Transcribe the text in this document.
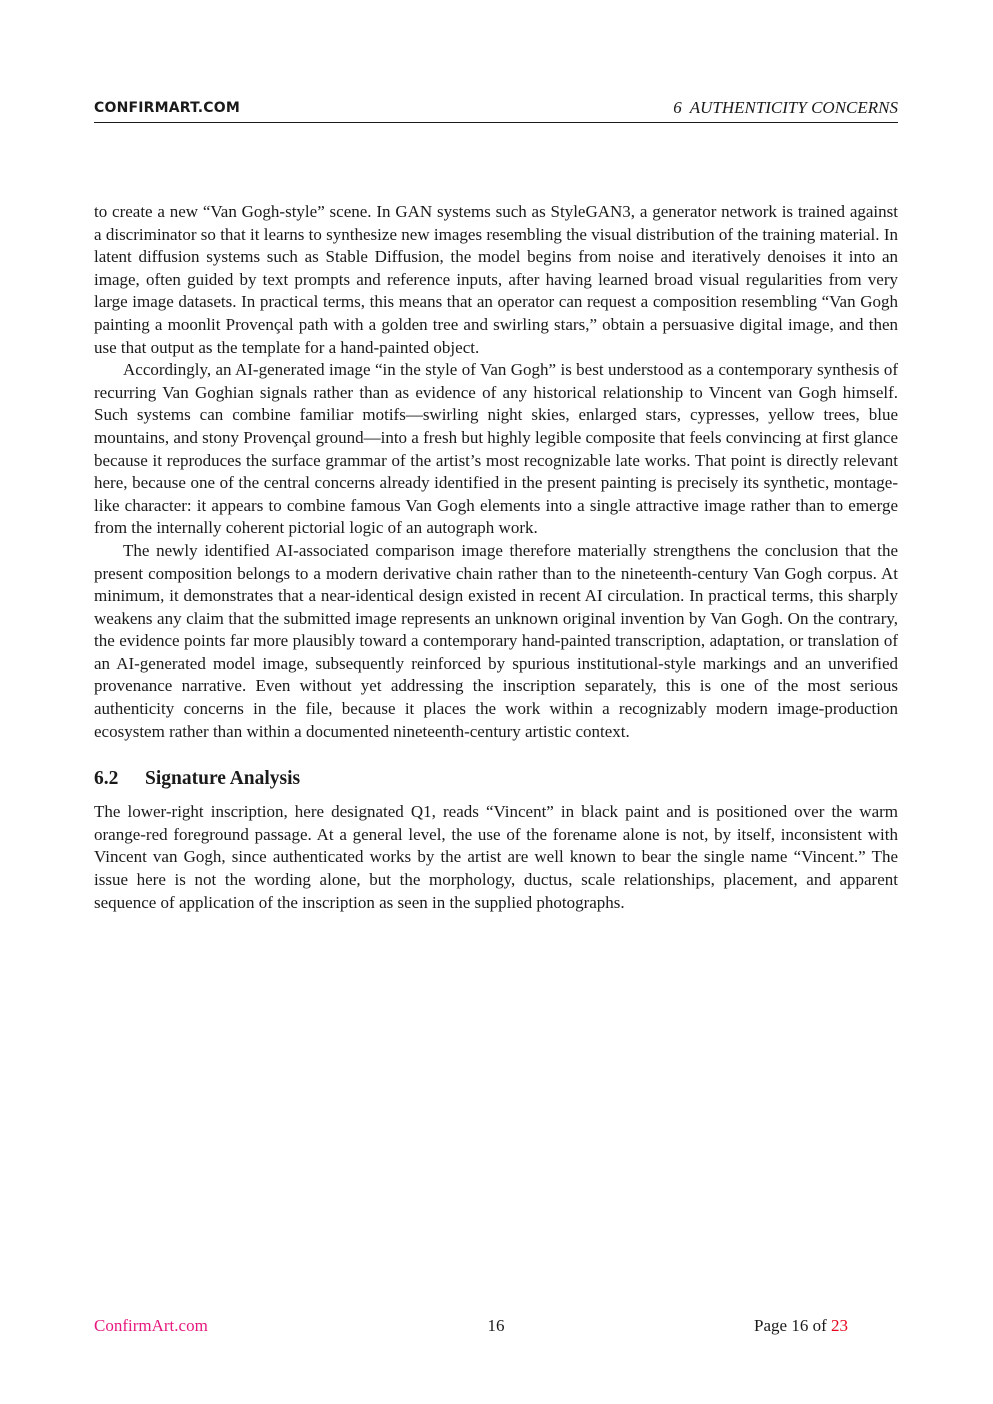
CONFIRMART.COM	6 AUTHENTICITY CONCERNS

to create a new “Van Gogh-style” scene. In GAN systems such as StyleGAN3, a generator network is trained against a discriminator so that it learns to synthesize new images resembling the visual distribution of the training material. In latent diffusion systems such as Stable Diffusion, the model begins from noise and iteratively denoises it into an image, often guided by text prompts and reference inputs, after having learned broad visual regularities from very large image datasets. In practical terms, this means that an operator can request a composition resembling “Van Gogh painting a moonlit Provençal path with a golden tree and swirling stars,” obtain a persuasive digital image, and then use that output as the template for a hand-painted object.

Accordingly, an AI-generated image “in the style of Van Gogh” is best understood as a contemporary synthesis of recurring Van Goghian signals rather than as evidence of any historical relationship to Vincent van Gogh himself. Such systems can combine familiar motifs—swirling night skies, enlarged stars, cypresses, yellow trees, blue mountains, and stony Provençal ground—into a fresh but highly legible composite that feels convincing at first glance because it reproduces the surface grammar of the artist’s most recognizable late works. That point is directly relevant here, because one of the central concerns already identified in the present painting is precisely its synthetic, montage-like character: it appears to combine famous Van Gogh elements into a single attractive image rather than to emerge from the internally coherent pictorial logic of an autograph work.

The newly identified AI-associated comparison image therefore materially strengthens the conclusion that the present composition belongs to a modern derivative chain rather than to the nineteenth-century Van Gogh corpus. At minimum, it demonstrates that a near-identical design existed in recent AI circulation. In practical terms, this sharply weakens any claim that the submitted image represents an unknown original invention by Van Gogh. On the contrary, the evidence points far more plausibly toward a contemporary hand-painted transcription, adaptation, or translation of an AI-generated model image, subsequently reinforced by spurious institutional-style markings and an unverified provenance narrative. Even without yet addressing the inscription separately, this is one of the most serious authenticity concerns in the file, because it places the work within a recognizably modern image-production ecosystem rather than within a documented nineteenth-century artistic context.

6.2 Signature Analysis

The lower-right inscription, here designated Q1, reads “Vincent” in black paint and is positioned over the warm orange-red foreground passage. At a general level, the use of the forename alone is not, by itself, inconsistent with Vincent van Gogh, since authenticated works by the artist are well known to bear the single name “Vincent.” The issue here is not the wording alone, but the morphology, ductus, scale relationships, placement, and apparent sequence of application of the inscription as seen in the supplied photographs.

ConfirmArt.com	16	Page 16 of 23
